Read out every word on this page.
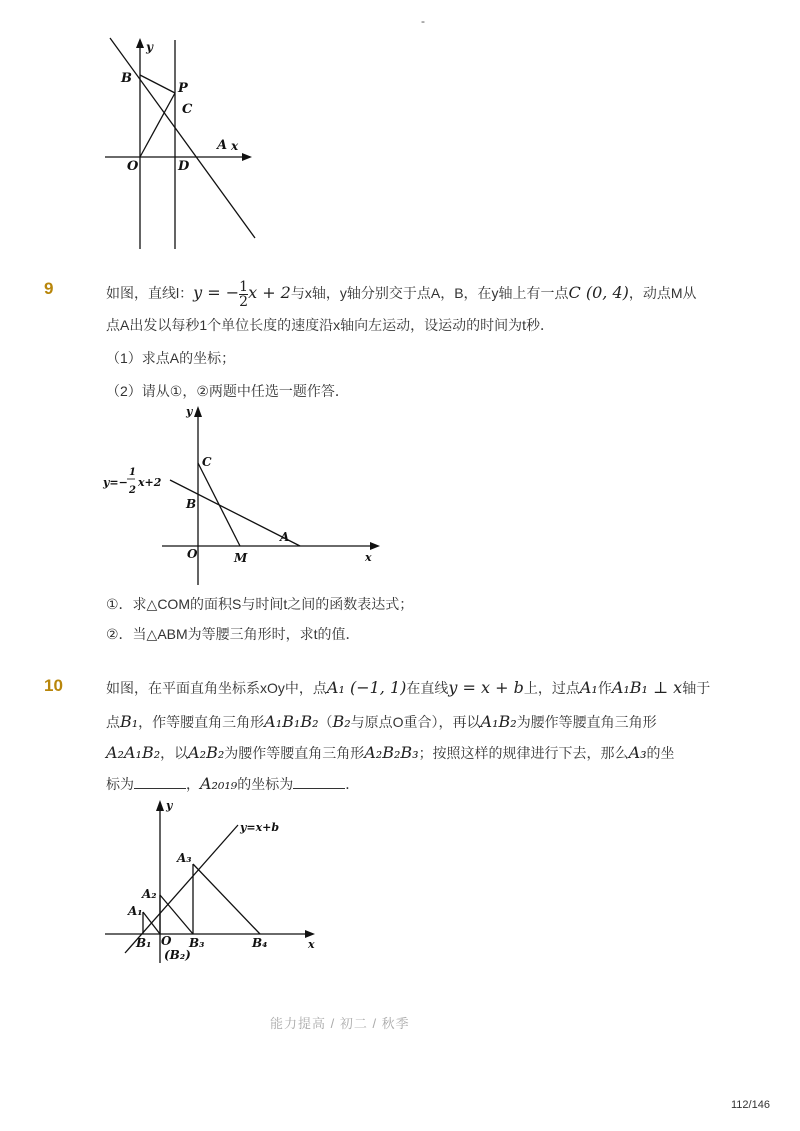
-
y
B
P
C
A x
O	D
9	如图，直线l：y = − $\frac{1}{2}$ x + 2与x轴，y轴分别交于点A，B，在y轴上有一点C (0, 4)，动点M从
点A出发以每秒1个单位长度的速度沿x轴向左运动，设运动的时间为t秒．
（1）求点A的坐标；
（2）请从①，②两题中任选一题作答．
y
C
B
A
O	M	x
y=−
1
2
x+2
①．求△COM的面积S与时间t之间的函数表达式；
②．当△ABM为等腰三角形时，求t的值．
10	如图，在平面直角坐标系xOy中，点A₁ (−1, 1)在直线y = x + b上，过点A₁作A₁B₁ ⊥ x轴于
点B₁，作等腰直角三角形A₁B₁B₂（B₂与原点O重合），再以A₁B₂为腰作等腰直角三角形
A₂A₁B₂，以A₂B₂为腰作等腰直角三角形A₂B₂B₃；按照这样的规律进行下去，那么A₃的坐
标为	，A₂₀₁₉的坐标为	．
y
y=x+b
A₃
A₂
A₁
B₁ O B₃	B₄
(B₂)
x
能力提高 / 初二 / 秋季
112/146
